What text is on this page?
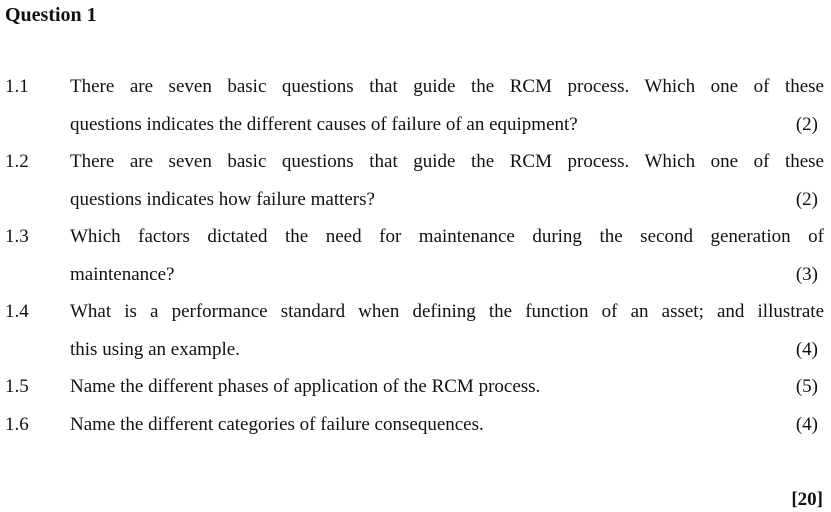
Question 1
1.1 There are seven basic questions that guide the RCM process. Which one of these
questions indicates the different causes of failure of an equipment?	(2)
1.2 There are seven basic questions that guide the RCM process. Which one of these
questions indicates how failure matters?	(2)
1.3 Which factors dictated the need for maintenance during the second generation of
maintenance?	(3)
1.4 What is a performance standard when defining the function of an asset; and illustrate
this using an example.	(4)
1.5 Name the different phases of application of the RCM process.	(5)
1.6 Name the different categories of failure consequences.	(4)
[20]
